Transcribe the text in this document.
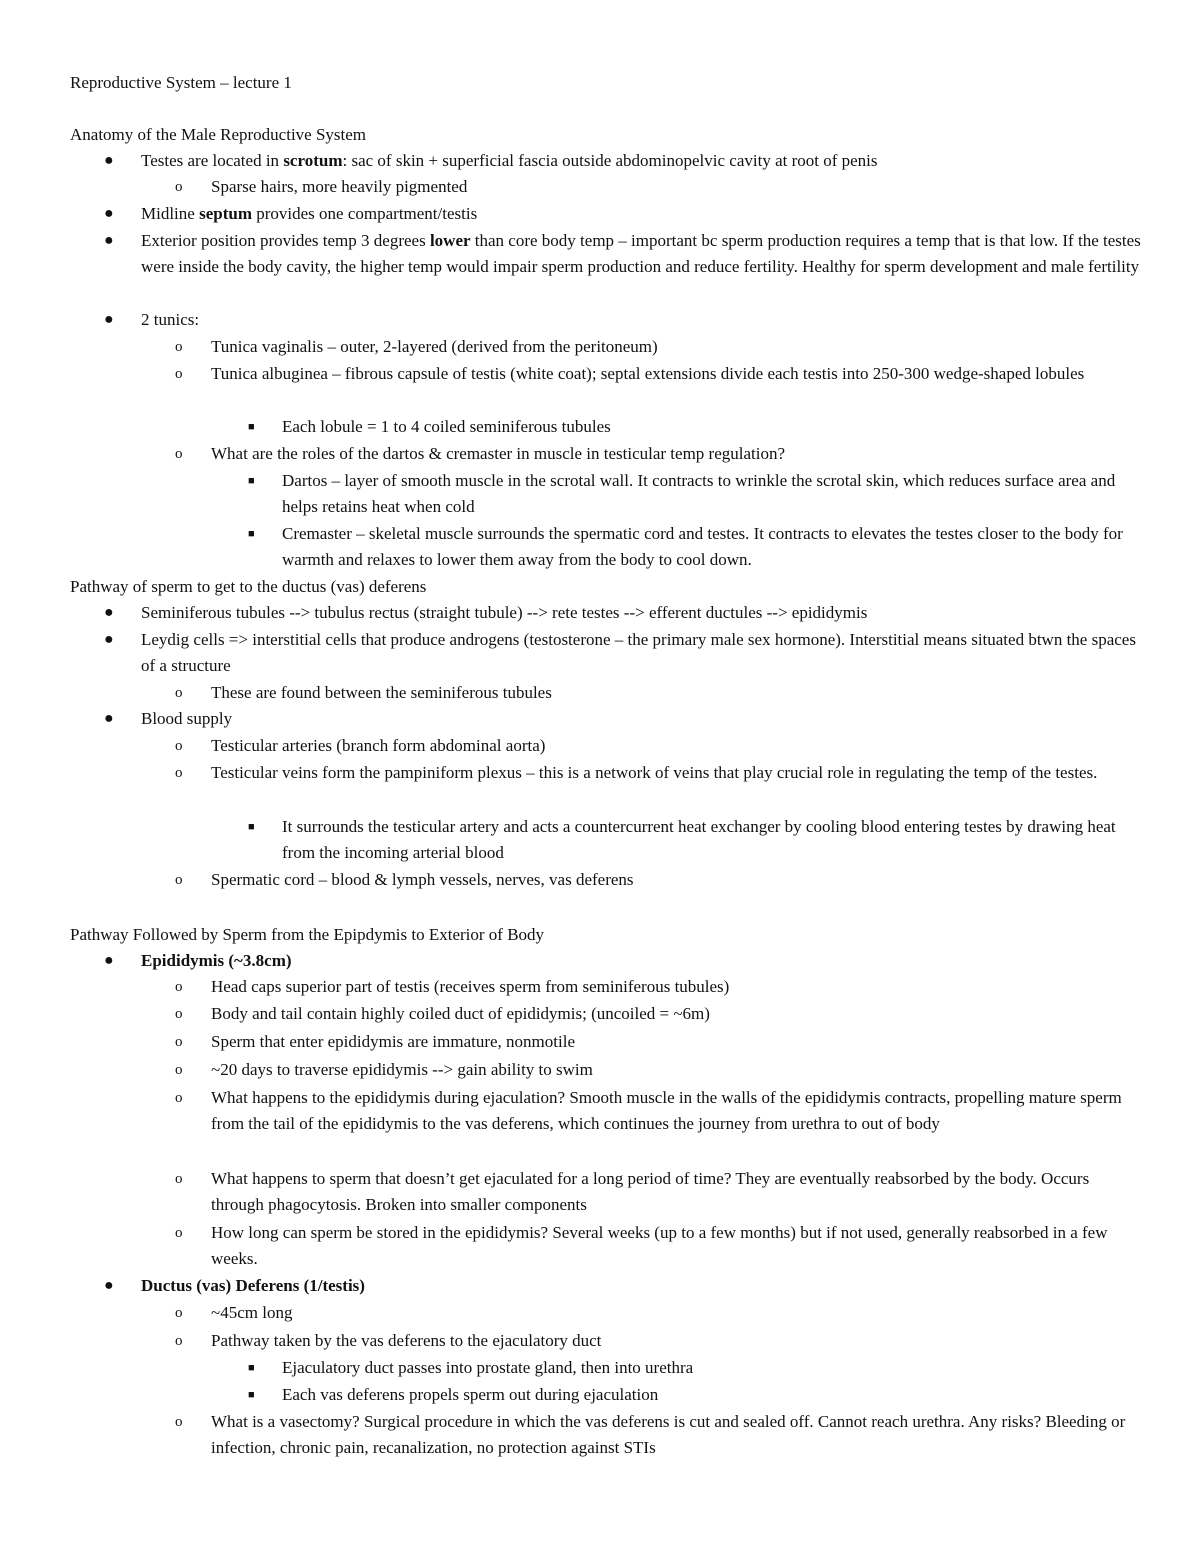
Reproductive System – lecture 1
Anatomy of the Male Reproductive System
● Testes are located in scrotum: sac of skin + superficial fascia outside abdominopelvic cavity at root of penis
o Sparse hairs, more heavily pigmented
● Midline septum provides one compartment/testis
● Exterior position provides temp 3 degrees lower than core body temp – important bc sperm production requires a temp that is that low. If the testes were inside the body cavity, the higher temp would impair sperm production and reduce fertility. Healthy for sperm development and male fertility
● 2 tunics:
o Tunica vaginalis – outer, 2-layered (derived from the peritoneum)
o Tunica albuginea – fibrous capsule of testis (white coat); septal extensions divide each testis into 250-300 wedge-shaped lobules
■ Each lobule = 1 to 4 coiled seminiferous tubules
o What are the roles of the dartos & cremaster in muscle in testicular temp regulation?
■ Dartos – layer of smooth muscle in the scrotal wall. It contracts to wrinkle the scrotal skin, which reduces surface area and helps retains heat when cold
■ Cremaster – skeletal muscle surrounds the spermatic cord and testes. It contracts to elevates the testes closer to the body for warmth and relaxes to lower them away from the body to cool down.
Pathway of sperm to get to the ductus (vas) deferens
● Seminiferous tubules --> tubulus rectus (straight tubule) --> rete testes --> efferent ductules --> epididymis
● Leydig cells => interstitial cells that produce androgens (testosterone – the primary male sex hormone). Interstitial means situated btwn the spaces of a structure
o These are found between the seminiferous tubules
● Blood supply
o Testicular arteries (branch form abdominal aorta)
o Testicular veins form the pampiniform plexus – this is a network of veins that play crucial role in regulating the temp of the testes.
■ It surrounds the testicular artery and acts a countercurrent heat exchanger by cooling blood entering testes by drawing heat from the incoming arterial blood
o Spermatic cord – blood & lymph vessels, nerves, vas deferens
Pathway Followed by Sperm from the Epipdymis to Exterior of Body
● Epididymis (~3.8cm)
o Head caps superior part of testis (receives sperm from seminiferous tubules)
o Body and tail contain highly coiled duct of epididymis; (uncoiled = ~6m)
o Sperm that enter epididymis are immature, nonmotile
o ~20 days to traverse epididymis --> gain ability to swim
o What happens to the epididymis during ejaculation? Smooth muscle in the walls of the epididymis contracts, propelling mature sperm from the tail of the epididymis to the vas deferens, which continues the journey from urethra to out of body
o What happens to sperm that doesn’t get ejaculated for a long period of time? They are eventually reabsorbed by the body. Occurs through phagocytosis. Broken into smaller components
o How long can sperm be stored in the epididymis? Several weeks (up to a few months) but if not used, generally reabsorbed in a few weeks.
● Ductus (vas) Deferens (1/testis)
o ~45cm long
o Pathway taken by the vas deferens to the ejaculatory duct
■ Ejaculatory duct passes into prostate gland, then into urethra
■ Each vas deferens propels sperm out during ejaculation
o What is a vasectomy? Surgical procedure in which the vas deferens is cut and sealed off. Cannot reach urethra. Any risks? Bleeding or infection, chronic pain, recanalization, no protection against STIs
